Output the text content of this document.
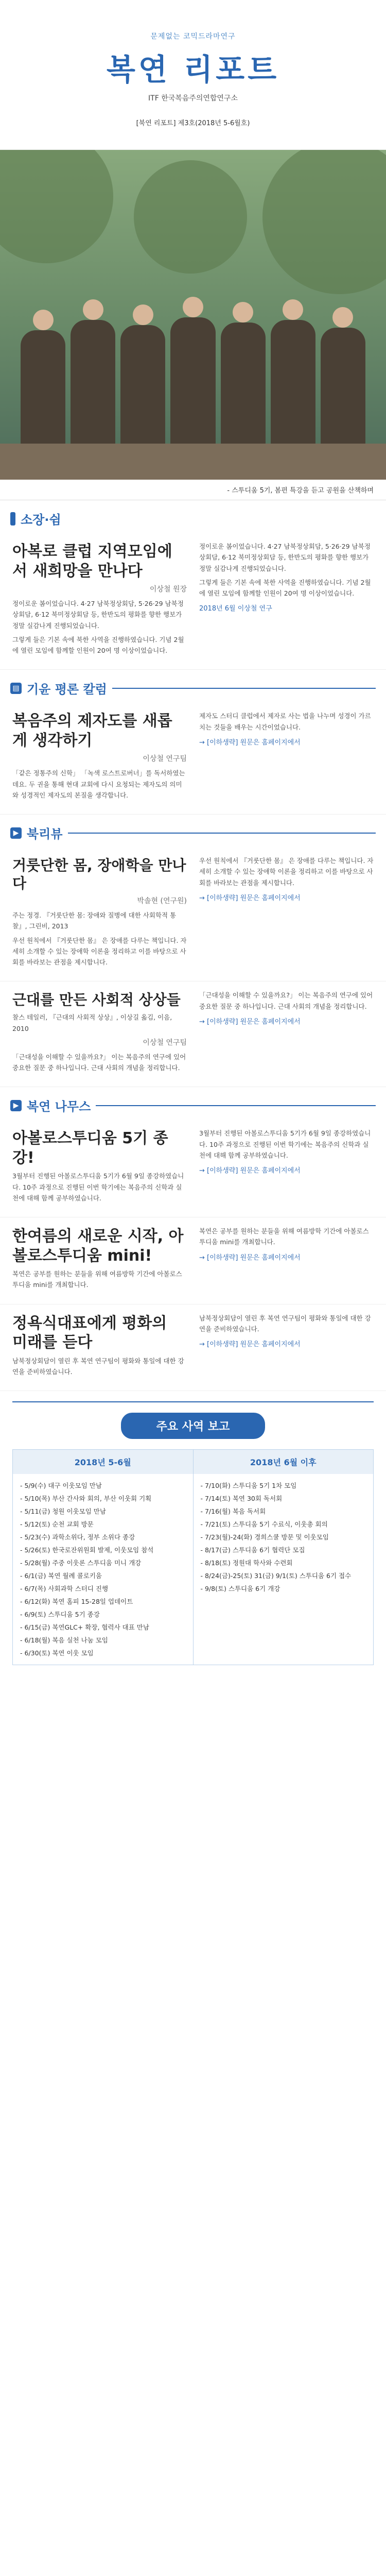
문제없는 코믹드라마연구
복연 리포트
ITF 한국복음주의연합연구소
[북연 리포트] 제3호(2018년 5-6월호)
- 스투디움 5기, 봄편 특강을 듣고 공원을 산책하며
소장·쉼
아복로 클럽 지역모임에서 새희망을 만나다
이상철 원장
정이로운 봄이었습니다. 4·27 남북정상회담, 5·26·29 남북정상회담, 6·12 북미정상회담 등, 한반도의 평화를 향한 행보가 정말 실감나게 진행되었습니다.
그렇게 들은 기본 속에 북한 사역을 진행하였습니다. 기념 2월에 열린 모임에 함께할 인원이 20여 명 이상이었습니다.
정이로운 봄이었습니다. 4·27 남북정상회담, 5·26·29 남북정상회담, 6·12 북미정상회담 등, 한반도의 평화를 향한 행보가 정말 실감나게 진행되었습니다.
그렇게 들은 기본 속에 북한 사역을 진행하였습니다. 기념 2월에 열린 모임에 함께할 인원이 20여 명 이상이었습니다.
2018년 6월 이상철 연구
▤ 기윤 평론 칼럼
복음주의 제자도를 새롭게 생각하기
이상철 연구팀
「같은 정통주의 신학」 「녹색 로스트로버너」를 독서하였는데요. 두 권을 통해 현대 교회에 다시 요청되는 제자도의 의미와 성경적인 제자도의 본질을 생각합니다.
제자도 스터디 클럽에서 제자로 사는 법을 나누며 성경이 가르치는 것들을 배우는 시간이었습니다.
→ [이하생략] 원문은 홈페이지에서
▶ 북리뷰
거룻단한 몸, 장애학을 만나다
박솔현 (연구원)
주는 정경. 『거룻단한 몸: 장애와 질병에 대한 사회학적 통찰』, 그린비, 2013
우선 원칙에서 『거룻단한 몸』 은 장애를 다루는 책입니다. 자세히 소개할 수 있는 장애학 이론을 정리하고 이를 바탕으로 사회를 바라보는 관점을 제시합니다.
우선 원칙에서 『거룻단한 몸』 은 장애를 다루는 책입니다. 자세히 소개할 수 있는 장애학 이론을 정리하고 이를 바탕으로 사회를 바라보는 관점을 제시합니다.
→ [이하생략] 원문은 홈페이지에서
근대를 만든 사회적 상상들
찰스 테일러, 『근대의 사회적 상상』, 이상길 옮김, 이음, 2010
이상철 연구팀
「근대성을 이해할 수 있을까요?」 이는 복음주의 연구에 있어 중요한 질문 중 하나입니다. 근대 사회의 개념을 정리합니다.
「근대성을 이해할 수 있을까요?」 이는 복음주의 연구에 있어 중요한 질문 중 하나입니다. 근대 사회의 개념을 정리합니다.
→ [이하생략] 원문은 홈페이지에서
▶ 복연 나무스
아볼로스투디움 5기 종강!
3월부터 진행된 아볼로스투디움 5기가 6월 9일 종강하였습니다. 10주 과정으로 진행된 이번 학기에는 복음주의 신학과 실천에 대해 함께 공부하였습니다.
3월부터 진행된 아볼로스투디움 5기가 6월 9일 종강하였습니다. 10주 과정으로 진행된 이번 학기에는 복음주의 신학과 실천에 대해 함께 공부하였습니다.
→ [이하생략] 원문은 홈페이지에서
한여름의 새로운 시작, 아볼로스투디움 mini!
복연은 공부를 원하는 분들을 위해 여름방학 기간에 아볼로스투디움 mini를 개최합니다.
복연은 공부를 원하는 분들을 위해 여름방학 기간에 아볼로스투디움 mini를 개최합니다.
→ [이하생략] 원문은 홈페이지에서
정욕식대표에게 평화의 미래를 듣다
남북정상회담이 열린 후 복연 연구팀이 평화와 통일에 대한 강연을 준비하였습니다.
남북정상회담이 열린 후 복연 연구팀이 평화와 통일에 대한 강연을 준비하였습니다.
→ [이하생략] 원문은 홈페이지에서
주요 사역 보고
2018년 5-6월
- 5/9(수) 대구 이웃모임 만남
- 5/10(목) 부산 간사와 회의, 부산 이웃회 기획
- 5/11(금) 청원 이웃모임 만남
- 5/12(토) 순천 교회 방문
- 5/23(수) 과학소위다, 정부 소위다 종강
- 5/26(토) 한국로잔위원회 발제, 이웃모임 참석
- 5/28(월) 주중 이웃론 스투디움 미니 개강
- 6/1(금) 복연 월례 콜로키움
- 6/7(목) 사회과학 스터디 진행
- 6/12(화) 복연 홈피 15-28일 업데이트
- 6/9(토) 스투디움 5기 종강
- 6/15(금) 복연GLC+ 확장, 협력사 대표 만남
- 6/18(월) 복음 실천 나눔 모임
- 6/30(토) 복연 이웃 모임
2018년 6월 이후
- 7/10(화) 스투디움 5기 1차 모임
- 7/14(토) 복연 30회 독서회
- 7/16(월) 복음 독서회
- 7/21(토) 스투디움 5기 수료식, 이웃총 회의
- 7/23(월)-24(화) 경희스쿨 방문 및 이웃모임
- 8/17(금) 스투디움 6기 협력단 모집
- 8/18(토) 정원대 학사와 수련회
- 8/24(금)-25(토) 31(금) 9/1(토) 스투디움 6기 접수
- 9/8(토) 스투디움 6기 개강
